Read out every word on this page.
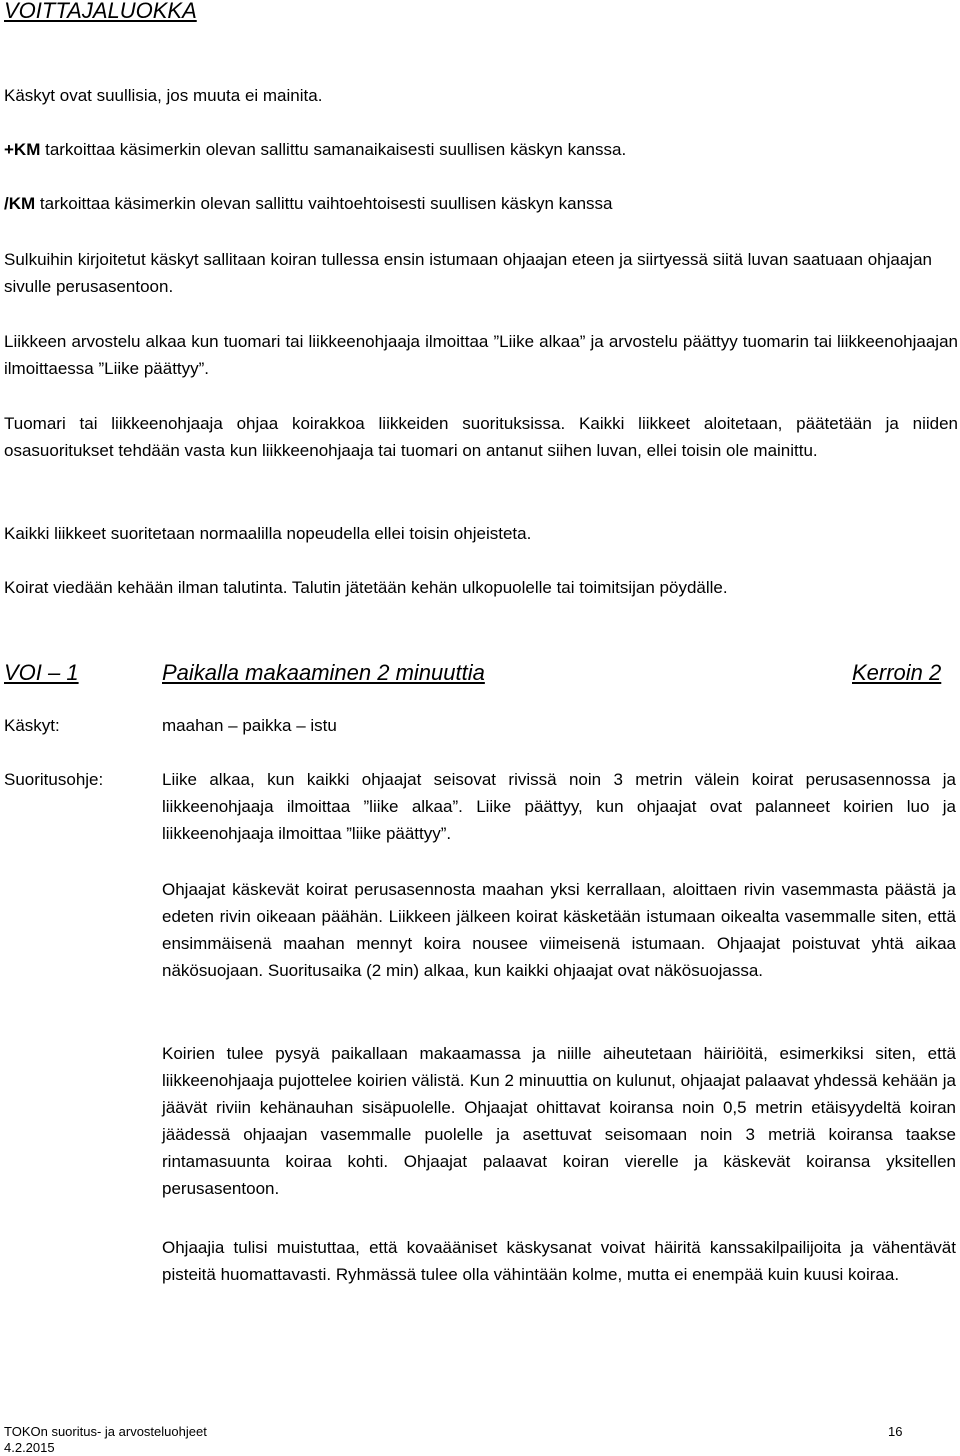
VOITTAJALUOKKA

Käskyt ovat suullisia, jos muuta ei mainita.

+KM tarkoittaa käsimerkin olevan sallittu samanaikaisesti suullisen käskyn kanssa.

/KM tarkoittaa käsimerkin olevan sallittu vaihtoehtoisesti suullisen käskyn kanssa

Sulkuihin kirjoitetut käskyt sallitaan koiran tullessa ensin istumaan ohjaajan eteen ja siirtyessä siitä luvan saatuaan ohjaajan sivulle perusasentoon.

Liikkeen arvostelu alkaa kun tuomari tai liikkeenohjaaja ilmoittaa ”Liike alkaa” ja arvostelu päättyy tuomarin tai liikkeenohjaajan ilmoittaessa ”Liike päättyy”.

Tuomari tai liikkeenohjaaja ohjaa koirakkoa liikkeiden suorituksissa. Kaikki liikkeet aloitetaan, päätetään ja niiden osasuoritukset tehdään vasta kun liikkeenohjaaja tai tuomari on antanut siihen luvan, ellei toisin ole mainittu.

Kaikki liikkeet suoritetaan normaalilla nopeudella ellei toisin ohjeisteta.

Koirat viedään kehään ilman talutinta. Talutin jätetään kehän ulkopuolelle tai toimitsijan pöydälle.

VOI – 1	Paikalla makaaminen 2 minuuttia	Kerroin 2
Käskyt:	maahan – paikka – istu
Suoritusohje:	Liike alkaa, kun kaikki ohjaajat seisovat rivissä noin 3 metrin välein koirat perusasennossa ja liikkeenohjaaja ilmoittaa ”liike alkaa”. Liike päättyy, kun ohjaajat ovat palanneet koirien luo ja liikkeenohjaaja ilmoittaa ”liike päättyy”.

Ohjaajat käskevät koirat perusasennosta maahan yksi kerrallaan, aloittaen rivin vasemmasta päästä ja edeten rivin oikeaan päähän. Liikkeen jälkeen koirat käsketään istumaan oikealta vasemmalle siten, että ensimmäisenä maahan mennyt koira nousee viimeisenä istumaan. Ohjaajat poistuvat yhtä aikaa näkösuojaan. Suoritusaika (2 min) alkaa, kun kaikki ohjaajat ovat näkösuojassa.

Koirien tulee pysyä paikallaan makaamassa ja niille aiheutetaan häiriöitä, esimerkiksi siten, että liikkeenohjaaja pujottelee koirien välistä. Kun 2 minuuttia on kulunut, ohjaajat palaavat yhdessä kehään ja jäävät riviin kehänauhan sisäpuolelle. Ohjaajat ohittavat koiransa noin 0,5 metrin etäisyydeltä koiran jäädessä ohjaajan vasemmalle puolelle ja asettuvat seisomaan noin 3 metriä koiransa taakse rintamasuunta koiraa kohti. Ohjaajat palaavat koiran vierelle ja käskevät koiransa yksitellen perusasentoon.

Ohjaajia tulisi muistuttaa, että kovaääniset käskysanat voivat häiritä kanssakilpailijoita ja vähentävät pisteitä huomattavasti. Ryhmässä tulee olla vähintään kolme, mutta ei enempää kuin kuusi koiraa.

TOKOn suoritus- ja arvosteluohjeet
4.2.2015
16
